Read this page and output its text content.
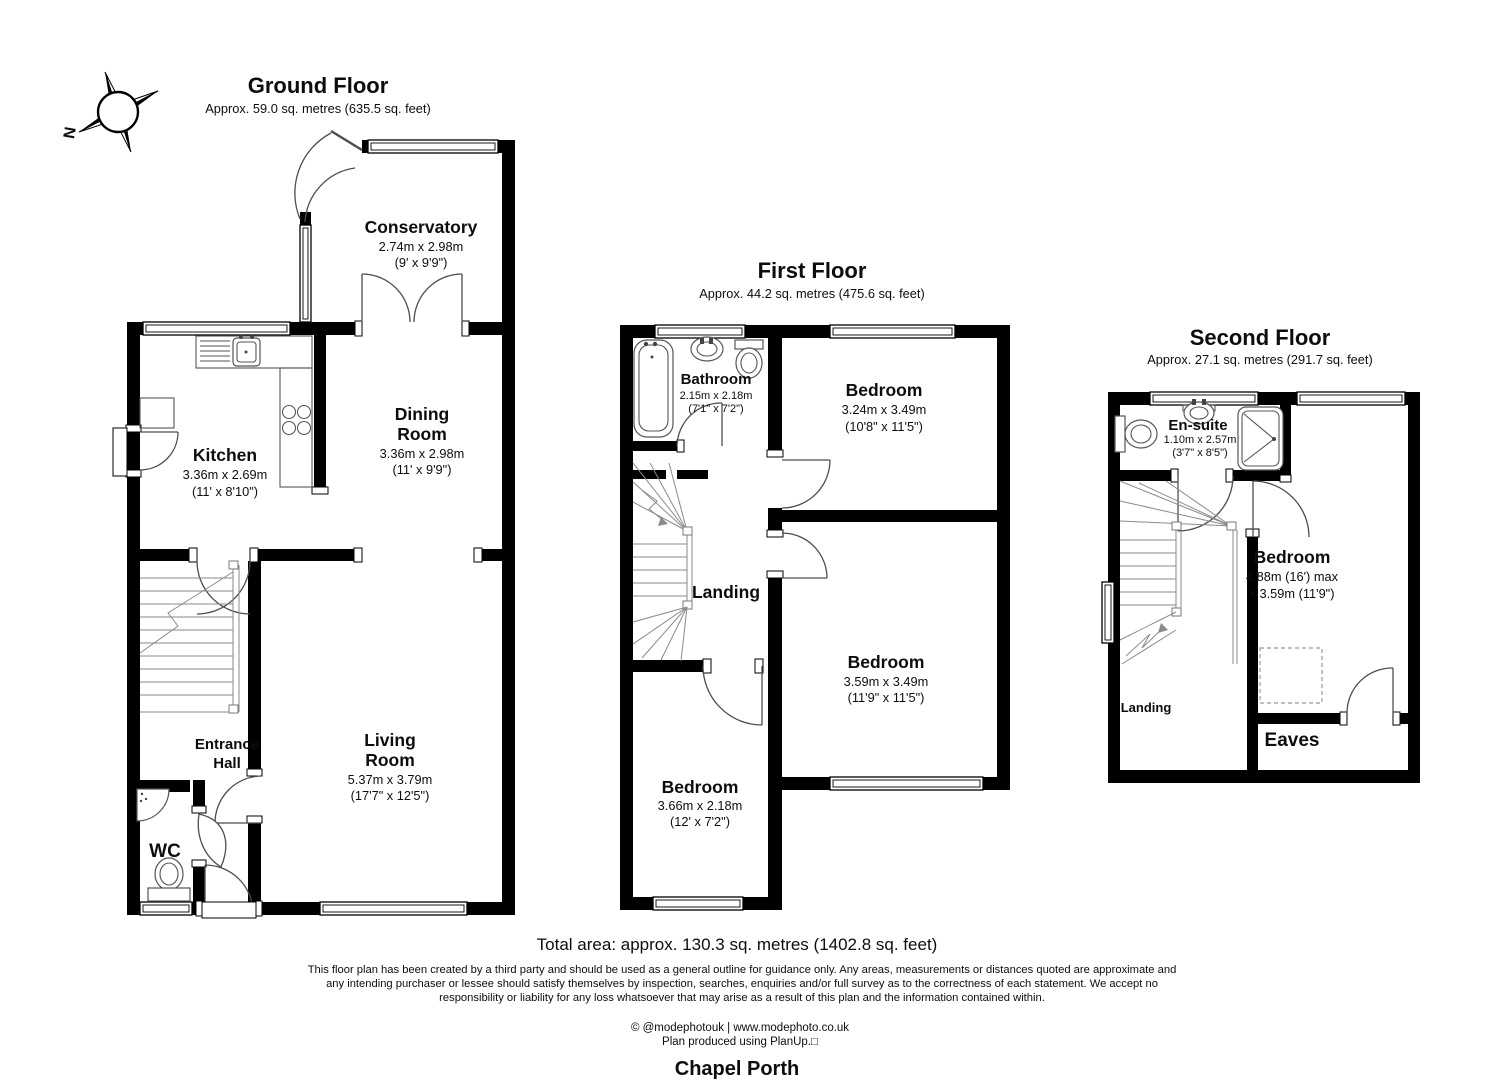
N
Ground Floor
Approx. 59.0 sq. metres (635.5 sq. feet)
Conservatory
2.74m x 2.98m
(9' x 9'9")
Kitchen
3.36m x 2.69m
(11' x 8'10")
Dining
Room
3.36m x 2.98m
(11' x 9'9")
Living
Room
5.37m x 3.79m
(17'7" x 12'5")
Entrance
Hall
WC
First Floor
Approx. 44.2 sq. metres (475.6 sq. feet)
Bathroom
2.15m x 2.18m
(7'1" x 7'2")
Bedroom
3.24m x 3.49m
(10'8" x 11'5")
Landing
Bedroom
3.59m x 3.49m
(11'9" x 11'5")
Bedroom
3.66m x 2.18m
(12' x 7'2")
Second Floor
Approx. 27.1 sq. metres (291.7 sq. feet)
En-suite
1.10m x 2.57m
(3'7" x 8'5")
Bedroom
4.88m (16') max
x 3.59m (11'9")
Landing
Eaves
Total area: approx. 130.3 sq. metres (1402.8 sq. feet)
This floor plan has been created by a third party and should be used as a general outline for guidance only. Any areas, measurements or distances quoted are approximate and
any intending purchaser or lessee should satisfy themselves by inspection, searches, enquiries and/or full survey as to the correctness of each statement. We accept no
responsibility or liability for any loss whatsoever that may arise as a result of this plan and the information contained within.
© @modephotouk | www.modephoto.co.uk
Plan produced using PlanUp.□
Chapel Porth
